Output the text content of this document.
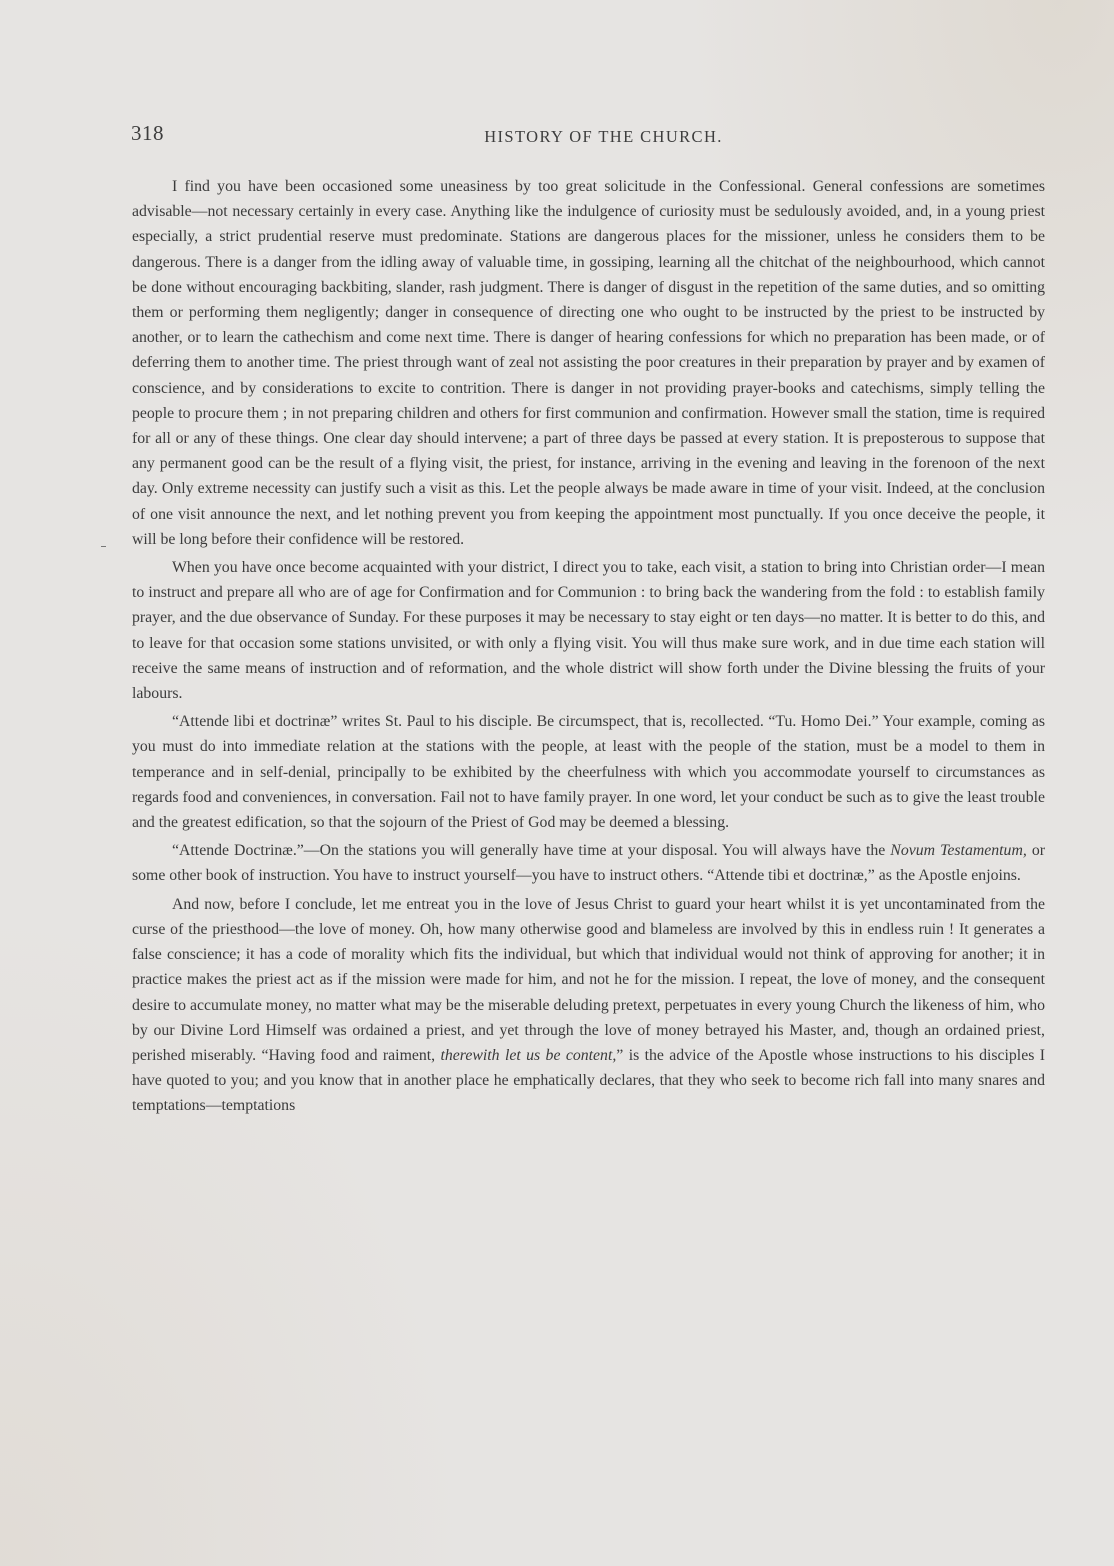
318	HISTORY OF THE CHURCH.

I find you have been occasioned some uneasiness by too great solicitude in the Confessional. General confessions are sometimes advisable—not necessary certainly in every case. Anything like the indulgence of curiosity must be sedulously avoided, and, in a young priest especially, a strict prudential reserve must predominate. Stations are dangerous places for the missioner, unless he considers them to be dangerous. There is a danger from the idling away of valuable time, in gossiping, learning all the chitchat of the neighbourhood, which cannot be done without encouraging backbiting, slander, rash judgment. There is danger of disgust in the repetition of the same duties, and so omitting them or performing them negligently; danger in consequence of directing one who ought to be instructed by the priest to be instructed by another, or to learn the cathechism and come next time. There is danger of hearing confessions for which no preparation has been made, or of deferring them to another time. The priest through want of zeal not assisting the poor creatures in their preparation by prayer and by examen of conscience, and by considerations to excite to contrition. There is danger in not providing prayer-books and catechisms, simply telling the people to procure them ; in not preparing children and others for first communion and confirmation. However small the station, time is required for all or any of these things. One clear day should intervene; a part of three days be passed at every station. It is preposterous to suppose that any permanent good can be the result of a flying visit, the priest, for instance, arriving in the evening and leaving in the forenoon of the next day. Only extreme necessity can justify such a visit as this. Let the people always be made aware in time of your visit. Indeed, at the conclusion of one visit announce the next, and let nothing prevent you from keeping the appointment most punctually. If you once deceive the people, it will be long before their confidence will be restored.

When you have once become acquainted with your district, I direct you to take, each visit, a station to bring into Christian order—I mean to instruct and prepare all who are of age for Confirmation and for Communion : to bring back the wandering from the fold : to establish family prayer, and the due observance of Sunday. For these purposes it may be necessary to stay eight or ten days—no matter. It is better to do this, and to leave for that occasion some stations unvisited, or with only a flying visit. You will thus make sure work, and in due time each station will receive the same means of instruction and of reformation, and the whole district will show forth under the Divine blessing the fruits of your labours.

“Attende libi et doctrinæ” writes St. Paul to his disciple. Be circumspect, that is, recollected. “Tu. Homo Dei.” Your example, coming as you must do into immediate relation at the stations with the people, at least with the people of the station, must be a model to them in temperance and in self-denial, principally to be exhibited by the cheerfulness with which you accommodate yourself to circumstances as regards food and conveniences, in conversation. Fail not to have family prayer. In one word, let your conduct be such as to give the least trouble and the greatest edification, so that the sojourn of the Priest of God may be deemed a blessing.

“Attende Doctrinæ.”—On the stations you will generally have time at your disposal. You will always have the Novum Testamentum, or some other book of instruction. You have to instruct yourself—you have to instruct others. “Attende tibi et doctrinæ,” as the Apostle enjoins.

And now, before I conclude, let me entreat you in the love of Jesus Christ to guard your heart whilst it is yet uncontaminated from the curse of the priesthood—the love of money. Oh, how many otherwise good and blameless are involved by this in endless ruin ! It generates a false conscience; it has a code of morality which fits the individual, but which that individual would not think of approving for another; it in practice makes the priest act as if the mission were made for him, and not he for the mission. I repeat, the love of money, and the consequent desire to accumulate money, no matter what may be the miserable deluding pretext, perpetuates in every young Church the likeness of him, who by our Divine Lord Himself was ordained a priest, and yet through the love of money betrayed his Master, and, though an ordained priest, perished miserably. “Having food and raiment, therewith let us be content,” is the advice of the Apostle whose instructions to his disciples I have quoted to you; and you know that in another place he emphatically declares, that they who seek to become rich fall into many snares and temptations—temptations
